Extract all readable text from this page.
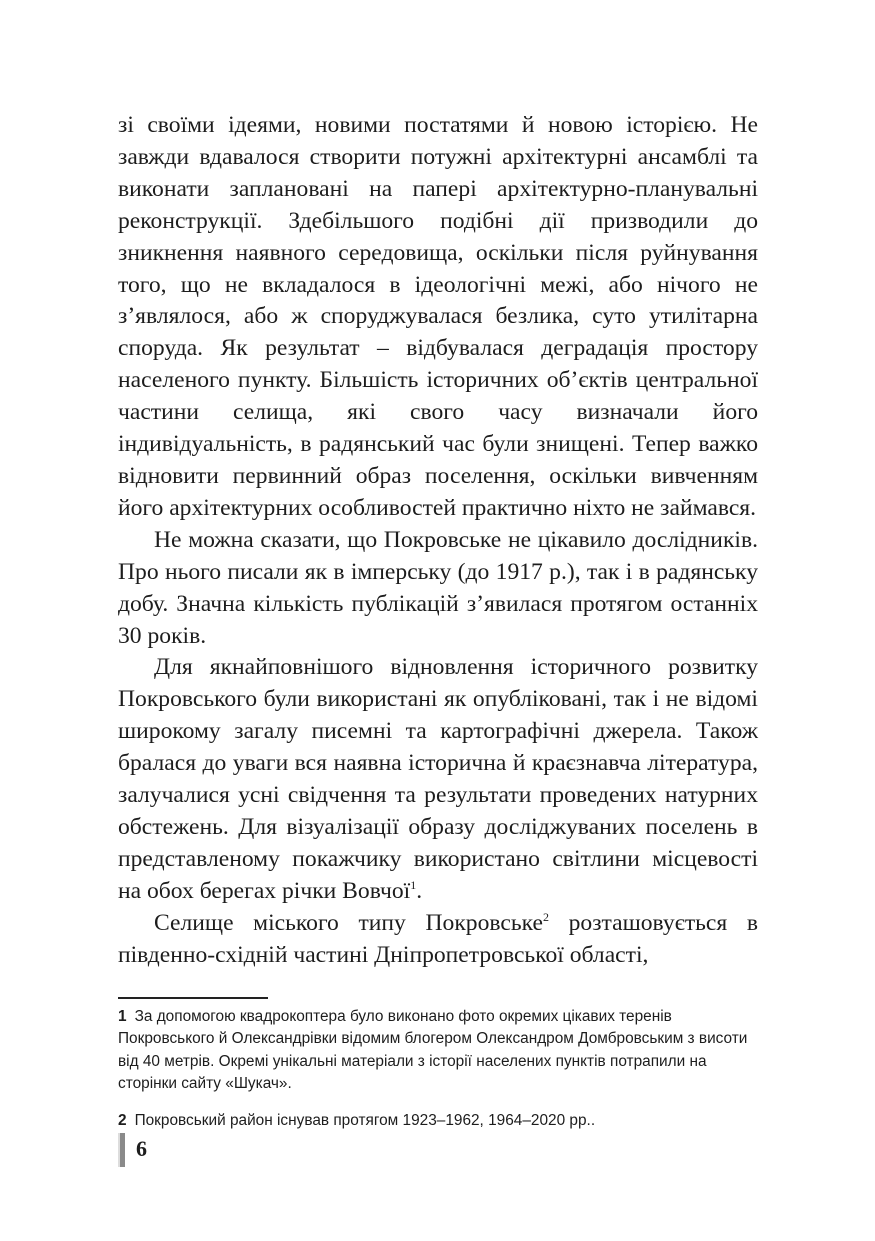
зі своїми ідеями, новими постатями й новою історією. Не завжди вдавалося створити потужні архітектурні ансамблі та виконати заплановані на папері архітектурно-планувальні реконструкції. Здебільшого подібні дії призводили до зникнення наявного середовища, оскільки після руйнування того, що не вкладалося в ідеологічні межі, або нічого не з’являлося, або ж споруджувалася безлика, суто утилітарна споруда. Як результат – відбувалася деградація простору населеного пункту. Більшість історичних об’єктів центральної частини селища, які свого часу визначали його індивідуальність, в радянський час були знищені. Тепер важко відновити первинний образ поселення, оскільки вивченням його архітектурних особливостей практично ніхто не займався.

Не можна сказати, що Покровське не цікавило дослідників. Про нього писали як в імперську (до 1917 р.), так і в радянську добу. Значна кількість публікацій з’явилася протягом останніх 30 років.

Для якнайповнішого відновлення історичного розвитку Покровського були використані як опубліковані, так і не відомі широкому загалу писемні та картографічні джерела. Також бралася до уваги вся наявна історична й краєзнавча література, залучалися усні свідчення та результати проведених натурних обстежень. Для візуалізації образу досліджуваних поселень в представленому покажчику використано світлини місцевості на обох берегах річки Вовчої$^1$.

Селище міського типу Покровське$^2$ розташовується в південно-східній частині Дніпропетровської області,

1 За допомогою квадрокоптера було виконано фото окремих цікавих теренів Покровського й Олександрівки відомим блогером Олександром Домбровським з висоти від 40 метрів. Окремі унікальні матеріали з історії населених пунктів потрапили на сторінки сайту «Шукач».

2 Покровський район існував протягом 1923–1962, 1964–2020 рр..

6
